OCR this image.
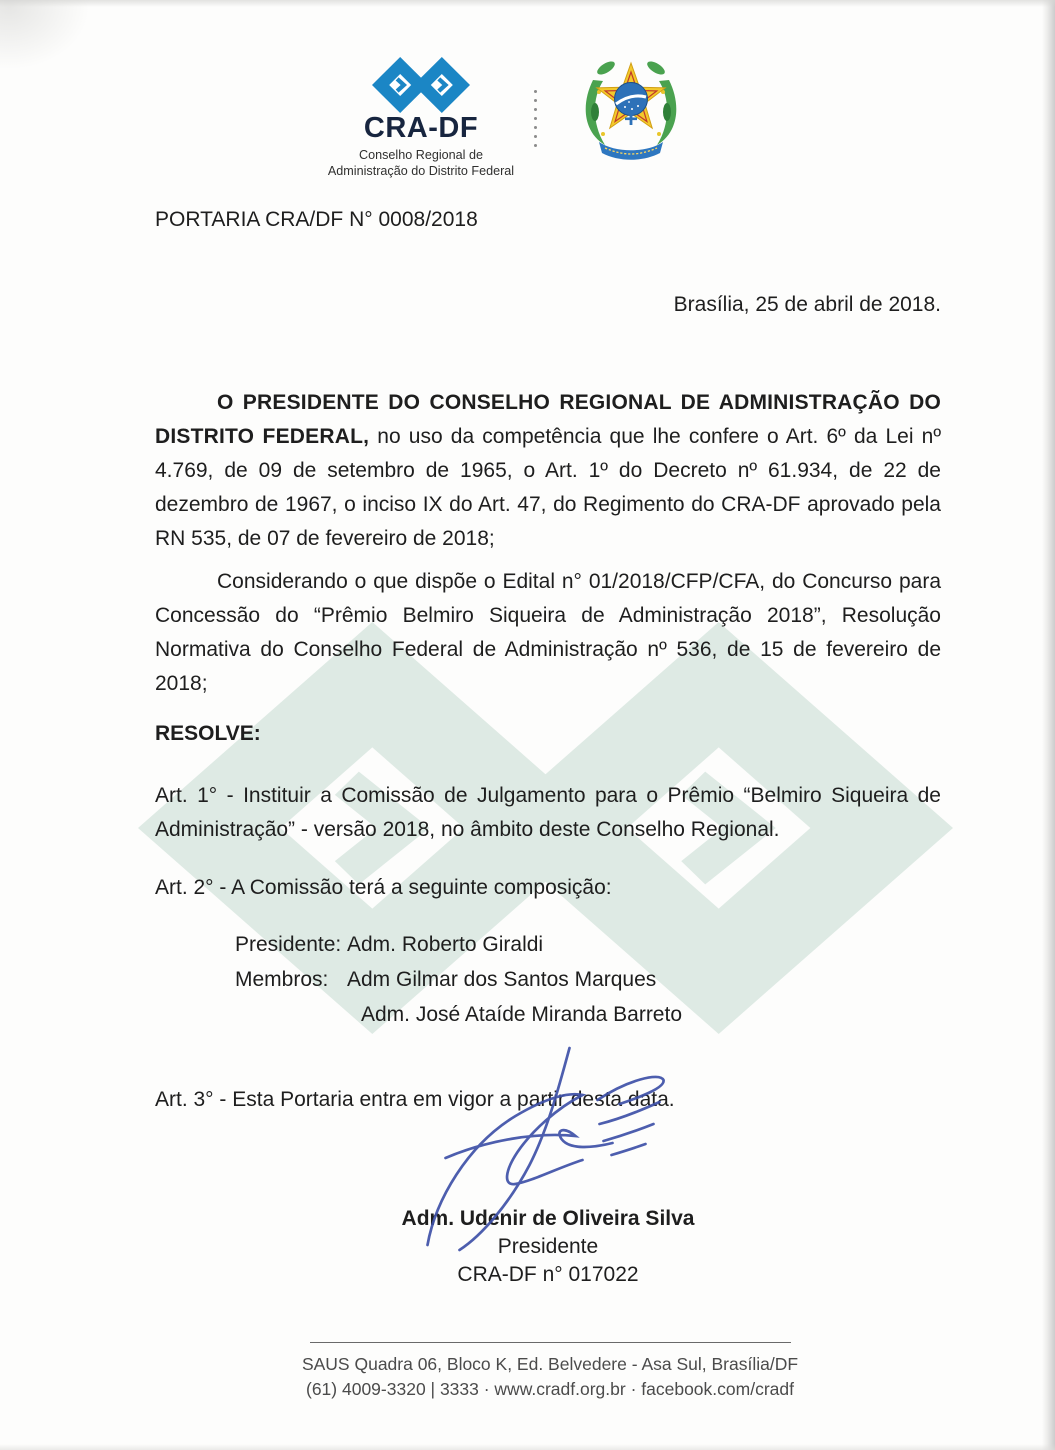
CRA-DF
Conselho Regional de
Administração do Distrito Federal
PORTARIA CRA/DF N° 0008/2018
Brasília, 25 de abril de 2018.

O PRESIDENTE DO CONSELHO REGIONAL DE ADMINISTRAÇÃO DO DISTRITO FEDERAL, no uso da competência que lhe confere o Art. 6º da Lei nº 4.769, de 09 de setembro de 1965, o Art. 1º do Decreto nº 61.934, de 22 de dezembro de 1967, o inciso IX do Art. 47, do Regimento do CRA-DF aprovado pela RN 535, de 07 de fevereiro de 2018;

Considerando o que dispõe o Edital n° 01/2018/CFP/CFA, do Concurso para Concessão do “Prêmio Belmiro Siqueira de Administração 2018”, Resolução Normativa do Conselho Federal de Administração nº 536, de 15 de fevereiro de 2018;

RESOLVE:

Art. 1° - Instituir a Comissão de Julgamento para o Prêmio “Belmiro Siqueira de Administração” - versão 2018, no âmbito deste Conselho Regional.

Art. 2° - A Comissão terá a seguinte composição:

Presidente: Adm. Roberto Giraldi
Membros: Adm Gilmar dos Santos Marques
Adm. José Ataíde Miranda Barreto

Art. 3° - Esta Portaria entra em vigor a partir desta data.

Adm. Udenir de Oliveira Silva
Presidente
CRA-DF n° 017022
SAUS Quadra 06, Bloco K, Ed. Belvedere - Asa Sul, Brasília/DF
(61) 4009-3320 | 3333 · www.cradf.org.br · facebook.com/cradf
